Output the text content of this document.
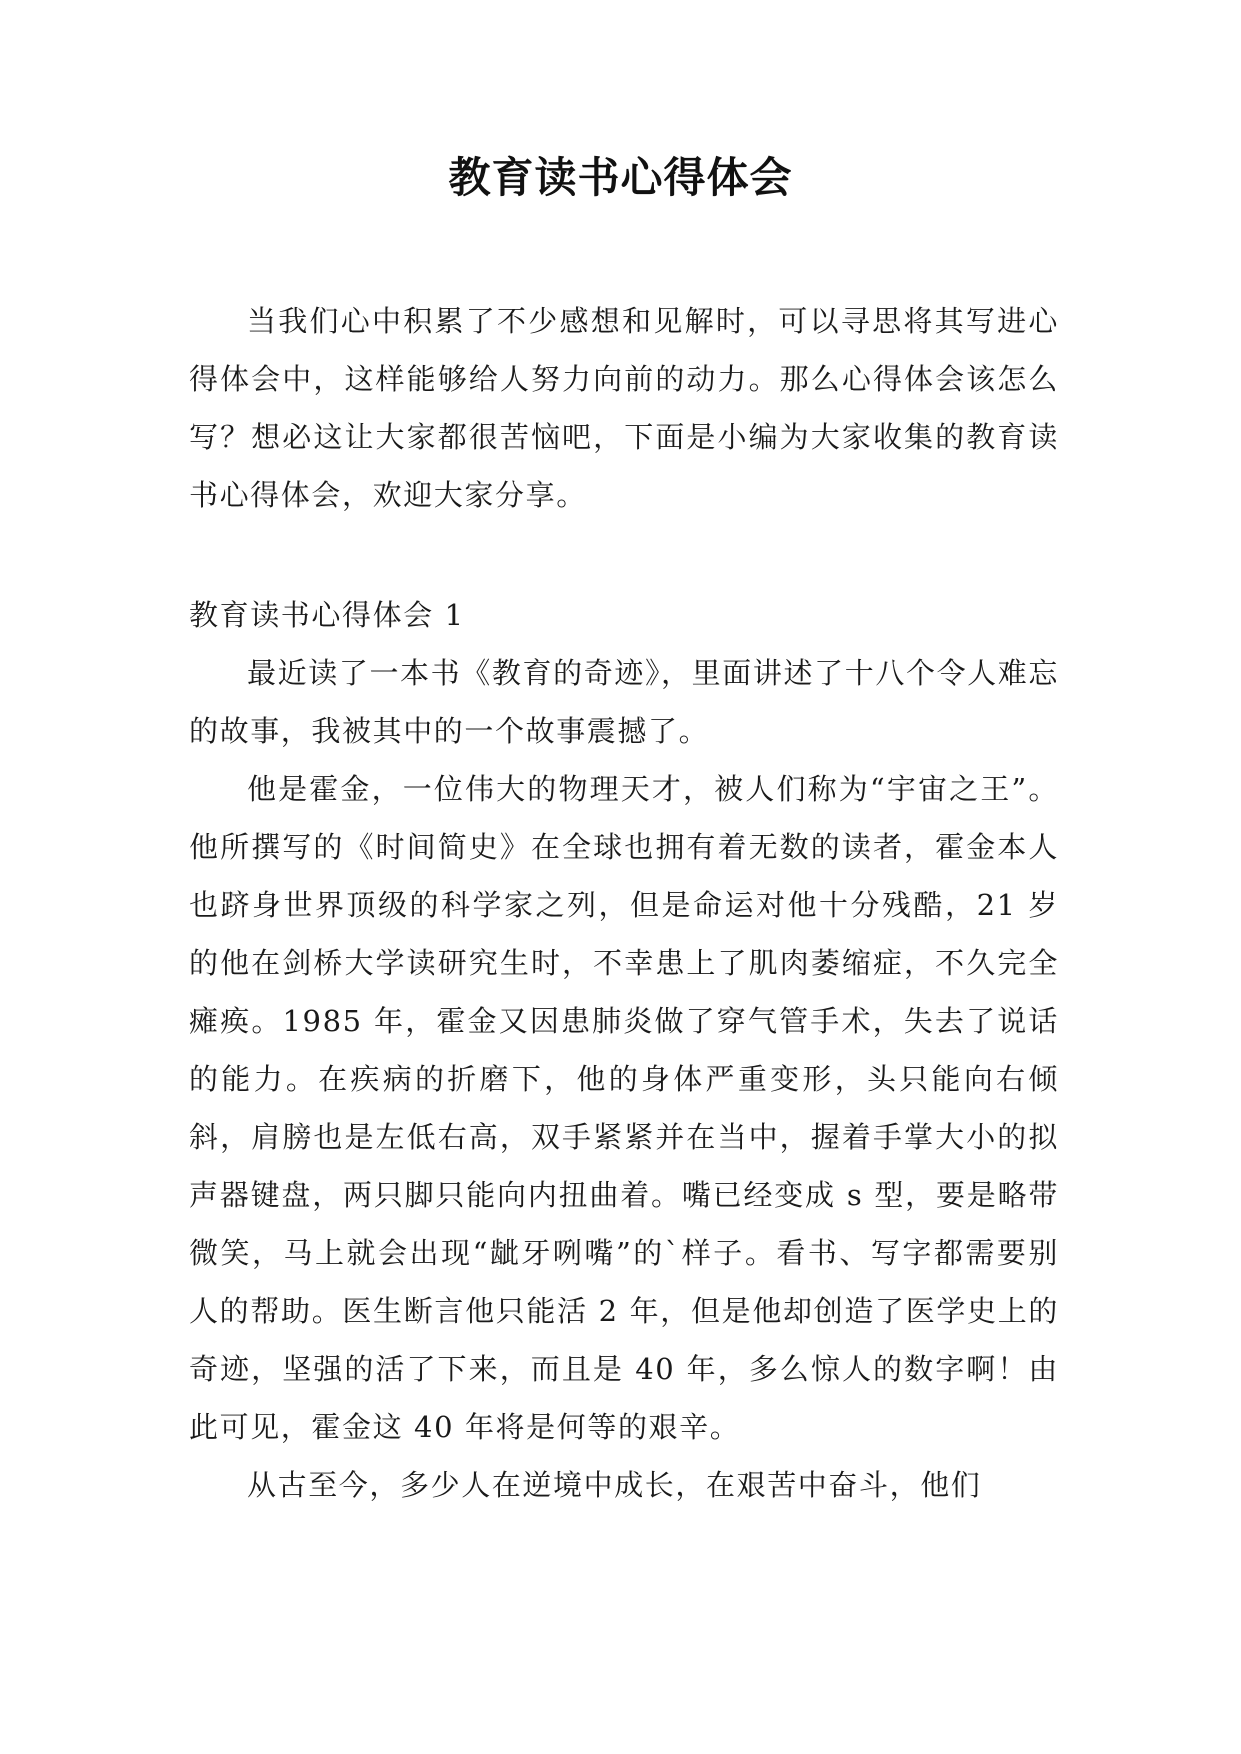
教育读书心得体会

当我们心中积累了不少感想和见解时，可以寻思将其写进心得体会中，这样能够给人努力向前的动力。那么心得体会该怎么写？想必这让大家都很苦恼吧，下面是小编为大家收集的教育读书心得体会，欢迎大家分享。

教育读书心得体会 1

最近读了一本书《教育的奇迹》，里面讲述了十八个令人难忘的故事，我被其中的一个故事震撼了。

他是霍金，一位伟大的物理天才，被人们称为“宇宙之王”。他所撰写的《时间简史》在全球也拥有着无数的读者，霍金本人也跻身世界顶级的科学家之列，但是命运对他十分残酷，21 岁的他在剑桥大学读研究生时，不幸患上了肌肉萎缩症，不久完全瘫痪。1985 年，霍金又因患肺炎做了穿气管手术，失去了说话的能力。在疾病的折磨下，他的身体严重变形，头只能向右倾斜，肩膀也是左低右高，双手紧紧并在当中，握着手掌大小的拟声器键盘，两只脚只能向内扭曲着。嘴已经变成 s 型，要是略带微笑，马上就会出现“龇牙咧嘴”的`样子。看书、写字都需要别人的帮助。医生断言他只能活 2 年，但是他却创造了医学史上的奇迹，坚强的活了下来，而且是 40 年，多么惊人的数字啊！由此可见，霍金这 40 年将是何等的艰辛。

从古至今，多少人在逆境中成长，在艰苦中奋斗，他们
